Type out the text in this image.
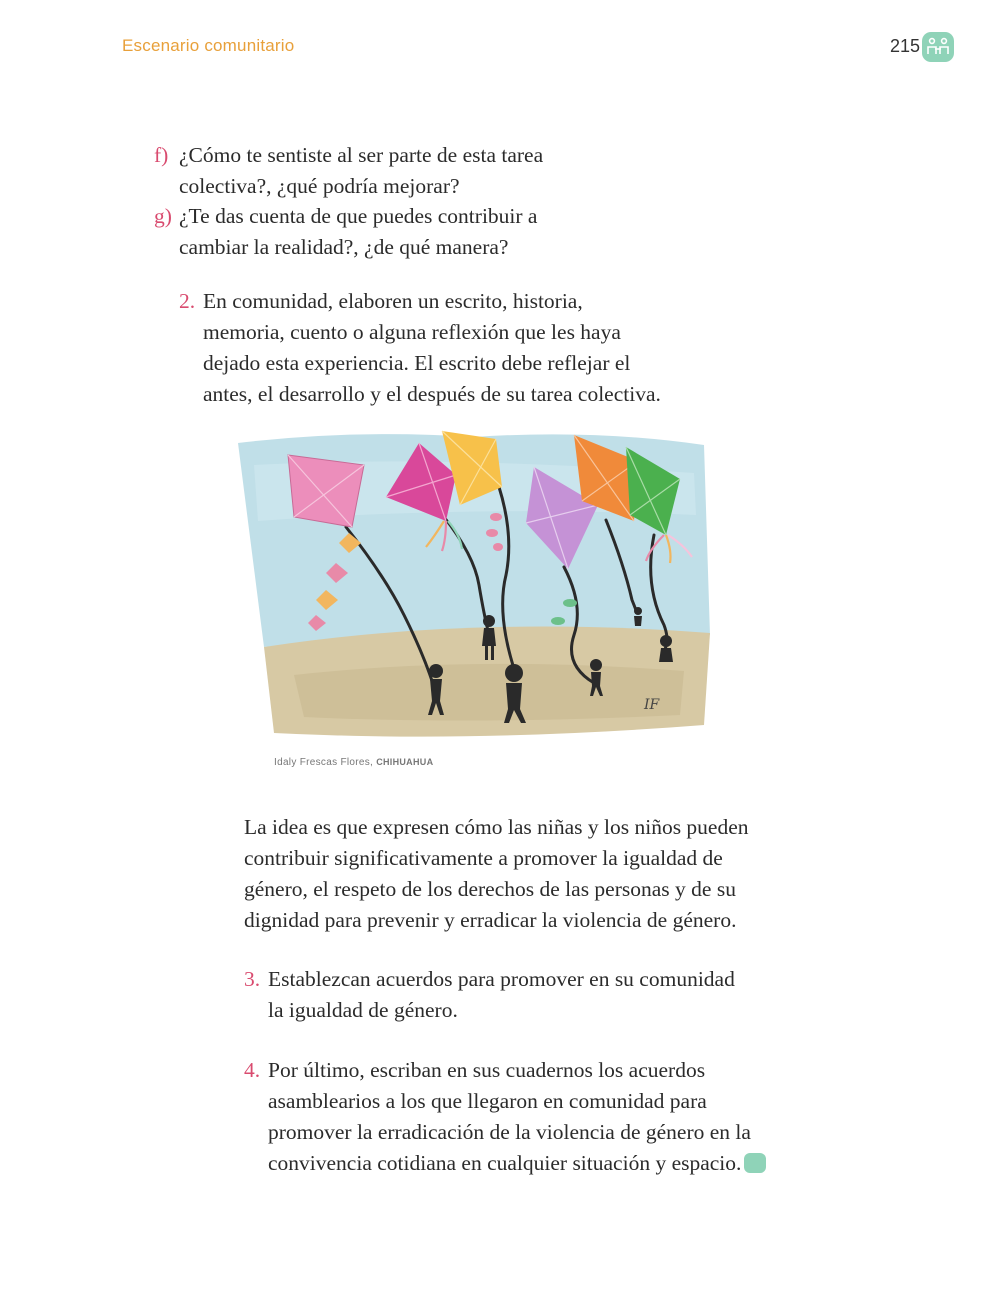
Escenario comunitario	215
f) ¿Cómo te sentiste al ser parte de esta tarea
colectiva?, ¿qué podría mejorar?
g) ¿Te das cuenta de que puedes contribuir a
cambiar la realidad?, ¿de qué manera?
2. En comunidad, elaboren un escrito, historia,
memoria, cuento o alguna reflexión que les haya
dejado esta experiencia. El escrito debe reflejar el
antes, el desarrollo y el después de su tarea colectiva.
IF
Idaly Frescas Flores, CHIHUAHUA
La idea es que expresen cómo las niñas y los niños pueden
contribuir significativamente a promover la igualdad de
género, el respeto de los derechos de las personas y de su
dignidad para prevenir y erradicar la violencia de género.
3. Establezcan acuerdos para promover en su comunidad
la igualdad de género.
4. Por último, escriban en sus cuadernos los acuerdos
asamblearios a los que llegaron en comunidad para
promover la erradicación de la violencia de género en la
convivencia cotidiana en cualquier situación y espacio.
